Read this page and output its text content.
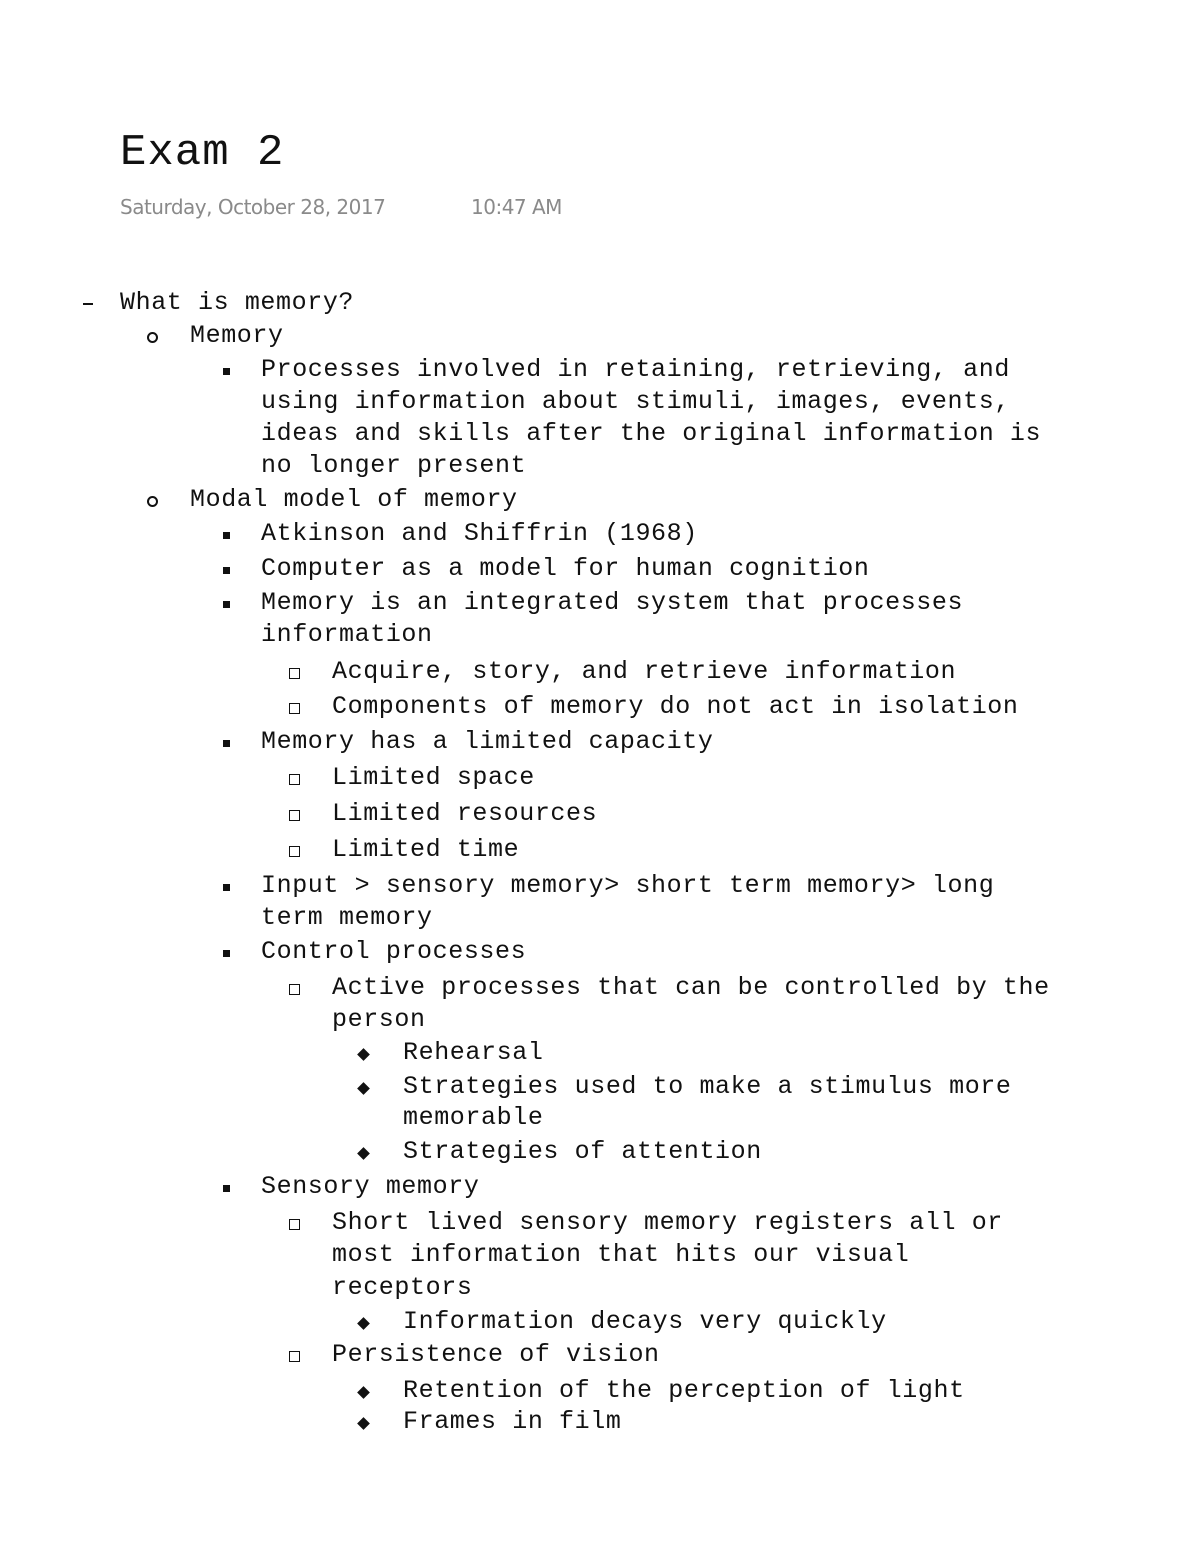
Exam 2
Saturday, October 28, 2017	10:47 AM
What is memory?
Memory
Processes involved in retaining, retrieving, and
using information about stimuli, images, events,
ideas and skills after the original information is
no longer present
Modal model of memory
Atkinson and Shiffrin (1968)
Computer as a model for human cognition
Memory is an integrated system that processes
information
Acquire, story, and retrieve information
Components of memory do not act in isolation
Memory has a limited capacity
Limited space
Limited resources
Limited time
Input > sensory memory> short term memory> long
term memory
Control processes
Active processes that can be controlled by the
person
Rehearsal
Strategies used to make a stimulus more
memorable
Strategies of attention
Sensory memory
Short lived sensory memory registers all or
most information that hits our visual
receptors
Information decays very quickly
Persistence of vision
Retention of the perception of light
Frames in film
